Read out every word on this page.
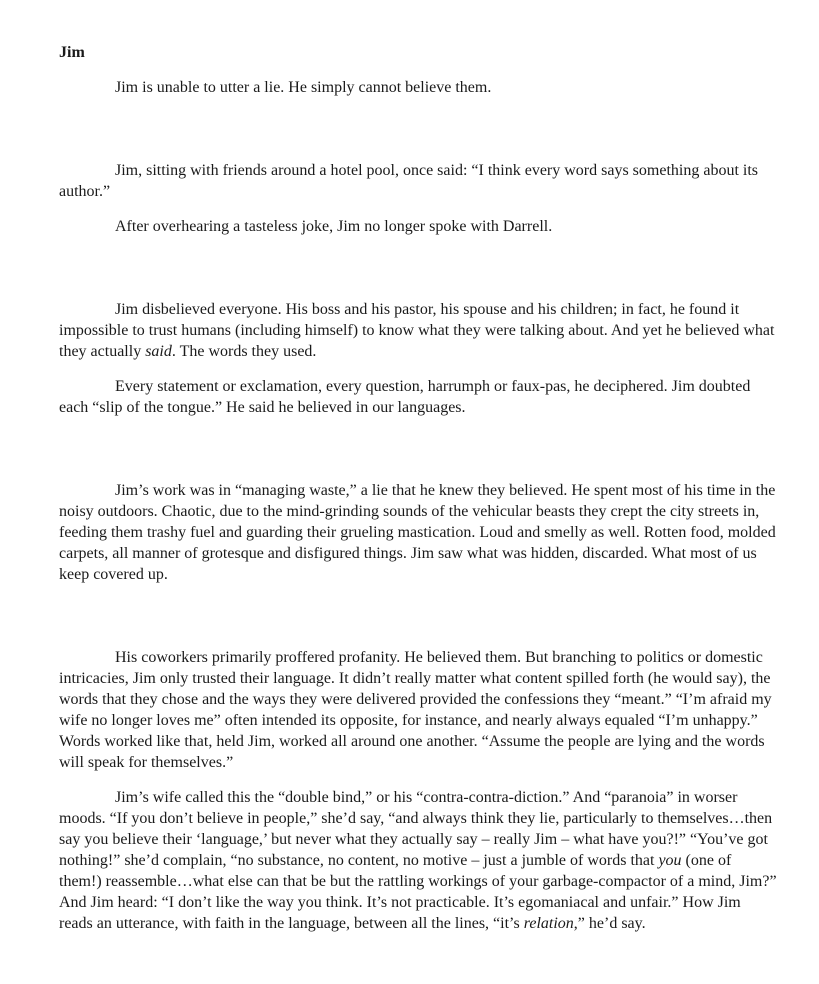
Jim

Jim is unable to utter a lie. He simply cannot believe them.

Jim, sitting with friends around a hotel pool, once said: “I think every word says something about its author.”

After overhearing a tasteless joke, Jim no longer spoke with Darrell.

Jim disbelieved everyone. His boss and his pastor, his spouse and his children; in fact, he found it impossible to trust humans (including himself) to know what they were talking about. And yet he believed what they actually said. The words they used.

Every statement or exclamation, every question, harrumph or faux-pas, he deciphered. Jim doubted each “slip of the tongue.” He said he believed in our languages.

Jim’s work was in “managing waste,” a lie that he knew they believed. He spent most of his time in the noisy outdoors. Chaotic, due to the mind-grinding sounds of the vehicular beasts they crept the city streets in, feeding them trashy fuel and guarding their grueling mastication. Loud and smelly as well. Rotten food, molded carpets, all manner of grotesque and disfigured things. Jim saw what was hidden, discarded. What most of us keep covered up.

His coworkers primarily proffered profanity. He believed them. But branching to politics or domestic intricacies, Jim only trusted their language. It didn’t really matter what content spilled forth (he would say), the words that they chose and the ways they were delivered provided the confessions they “meant.” “I’m afraid my wife no longer loves me” often intended its opposite, for instance, and nearly always equaled “I’m unhappy.” Words worked like that, held Jim, worked all around one another. “Assume the people are lying and the words will speak for themselves.”

Jim’s wife called this the “double bind,” or his “contra-contra-diction.” And “paranoia” in worser moods. “If you don’t believe in people,” she’d say, “and always think they lie, particularly to themselves…then say you believe their ‘language,’ but never what they actually say – really Jim – what have you?!” “You’ve got nothing!” she’d complain, “no substance, no content, no motive – just a jumble of words that you (one of them!) reassemble…what else can that be but the rattling workings of your garbage-compactor of a mind, Jim?” And Jim heard: “I don’t like the way you think. It’s not practicable. It’s egomaniacal and unfair.” How Jim reads an utterance, with faith in the language, between all the lines, “it’s relation,” he’d say.
